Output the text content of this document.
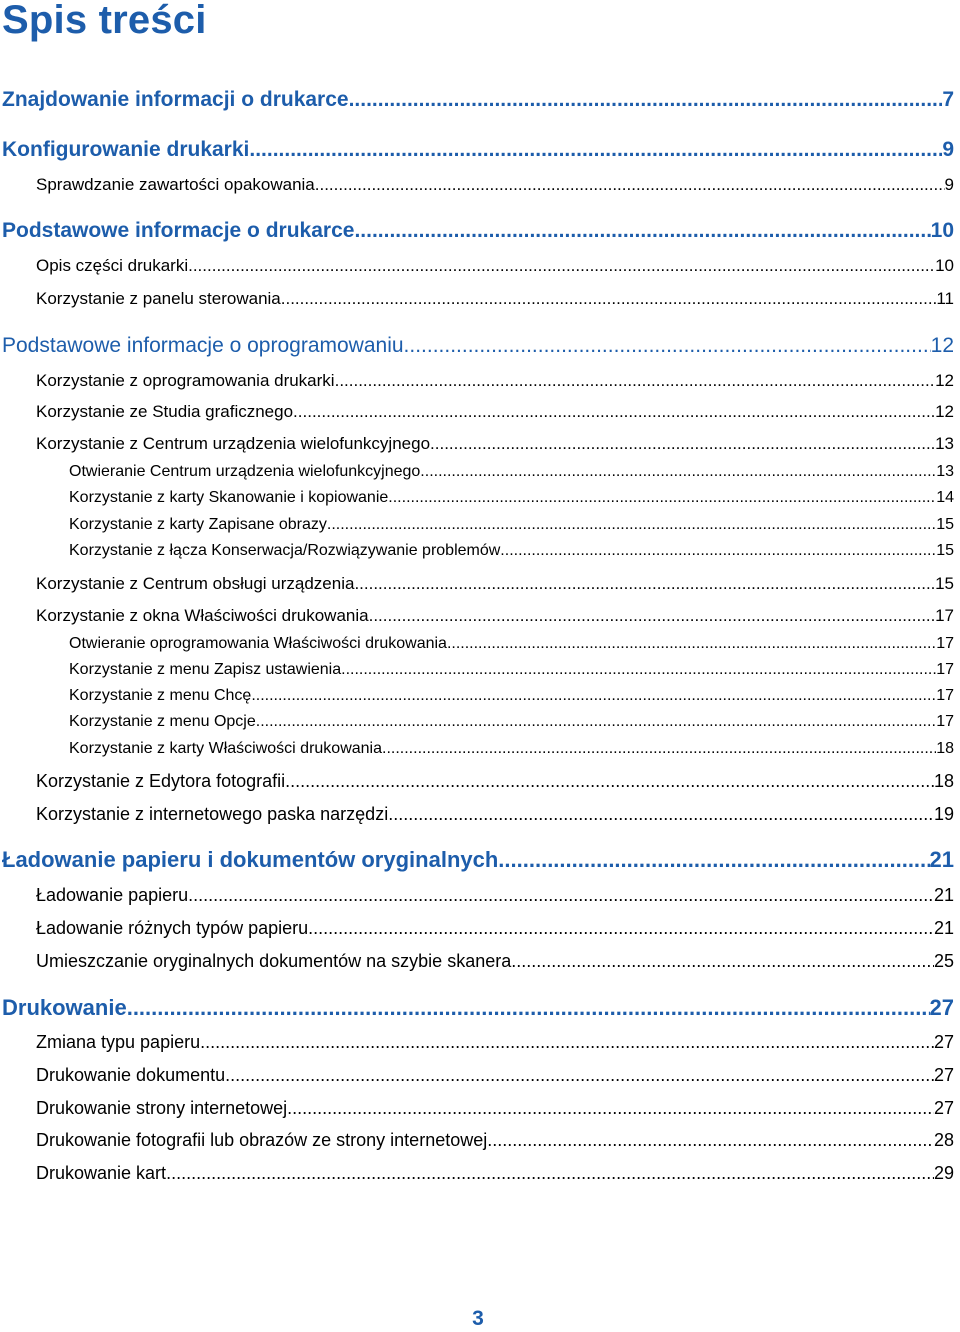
Spis treści
Znajdowanie informacji o drukarce .....	7
Konfigurowanie drukarki .....	9
Sprawdzanie zawartości opakowania .....	9
Podstawowe informacje o drukarce .....	10
Opis części drukarki .....	10
Korzystanie z panelu sterowania .....	11
Podstawowe informacje o oprogramowaniu .....	12
Korzystanie z oprogramowania drukarki .....	12
Korzystanie ze Studia graficznego .....	12
Korzystanie z Centrum urządzenia wielofunkcyjnego .....	13
Otwieranie Centrum urządzenia wielofunkcyjnego .....	13
Korzystanie z karty Skanowanie i kopiowanie .....	14
Korzystanie z karty Zapisane obrazy .....	15
Korzystanie z łącza Konserwacja/Rozwiązywanie problemów .....	15
Korzystanie z Centrum obsługi urządzenia .....	15
Korzystanie z okna Właściwości drukowania .....	17
Otwieranie oprogramowania Właściwości drukowania .....	17
Korzystanie z menu Zapisz ustawienia .....	17
Korzystanie z menu Chcę .....	17
Korzystanie z menu Opcje .....	17
Korzystanie z karty Właściwości drukowania .....	18
Korzystanie z Edytora fotografii .....	18
Korzystanie z internetowego paska narzędzi .....	19
Ładowanie papieru i dokumentów oryginalnych .....	21
Ładowanie papieru .....	21
Ładowanie różnych typów papieru .....	21
Umieszczanie oryginalnych dokumentów na szybie skanera .....	25
Drukowanie .....	27
Zmiana typu papieru .....	27
Drukowanie dokumentu .....	27
Drukowanie strony internetowej .....	27
Drukowanie fotografii lub obrazów ze strony internetowej .....	28
Drukowanie kart .....	29
3
